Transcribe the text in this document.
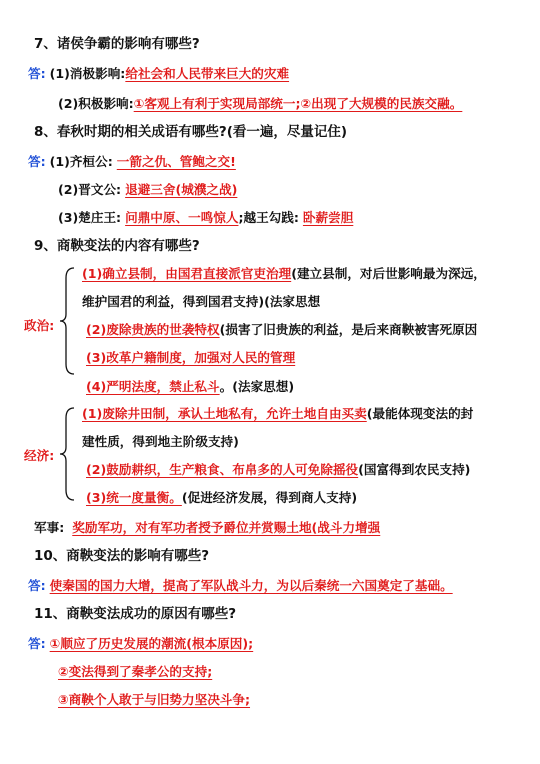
7、诸侯争霸的影响有哪些?
答: (1)消极影响:给社会和人民带来巨大的灾难
(2)积极影响:①客观上有利于实现局部统一;②出现了大规模的民族交融。
8、春秋时期的相关成语有哪些?(看一遍，尽量记住)
答: (1)齐桓公: 一箭之仇、管鲍之交!
(2)晋文公: 退避三舍(城濮之战)
(3)楚庄王: 问鼎中原、一鸣惊人;越王勾践: 卧薪尝胆
9、商鞅变法的内容有哪些?
政治:
(1)确立县制，由国君直接派官吏治理(建立县制，对后世影响最为深远，
维护国君的利益，得到国君支持)(法家思想
(2)废除贵族的世袭特权(损害了旧贵族的利益，是后来商鞅被害死原因
(3)改革户籍制度，加强对人民的管理
(4)严明法度，禁止私斗。(法家思想)
经济:
(1)废除井田制，承认土地私有，允许土地自由买卖(最能体现变法的封
建性质，得到地主阶级支持)
(2)鼓励耕织，生产粮食、布帛多的人可免除摇役(国富得到农民支持)
(3)统一度量衡。(促进经济发展，得到商人支持)
军事: 奖励军功，对有军功者授予爵位并赏赐土地(战斗力增强
10、商鞅变法的影响有哪些?
答: 使秦国的国力大增，提高了军队战斗力，为以后秦统一六国奠定了基础。
11、商鞅变法成功的原因有哪些?
答: ①顺应了历史发展的潮流(根本原因);
②变法得到了秦孝公的支持;
③商鞅个人敢于与旧势力坚决斗争;
